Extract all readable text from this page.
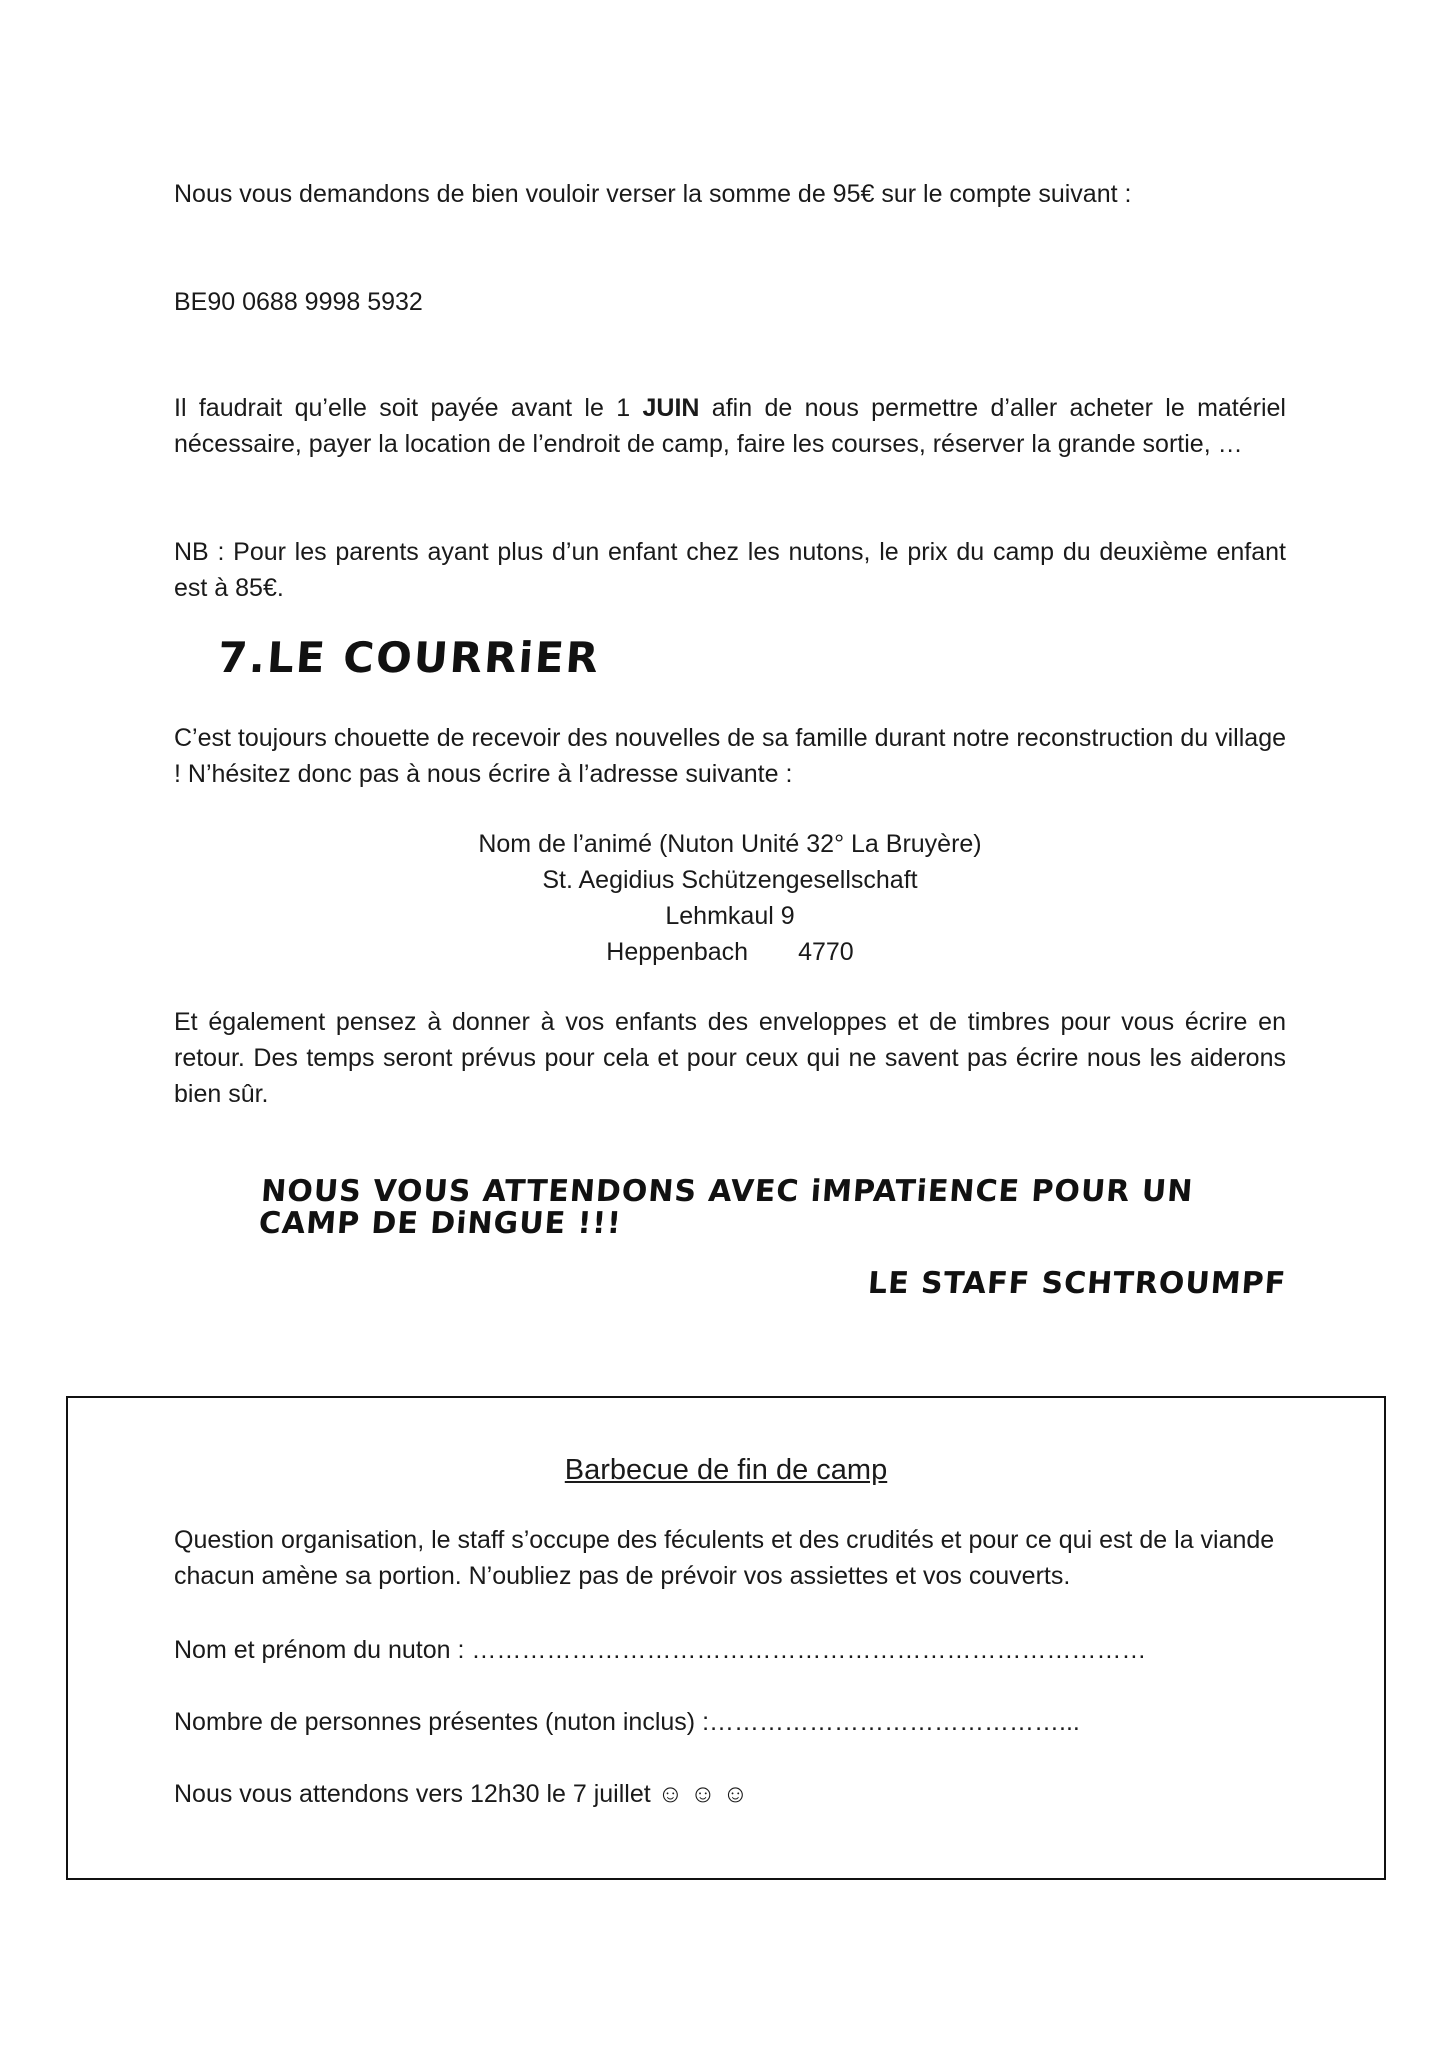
Nous vous demandons de bien vouloir verser la somme de 95€ sur le compte suivant :

BE90 0688 9998 5932

Il faudrait qu’elle soit payée avant le 1 JUIN afin de nous permettre d’aller acheter le matériel nécessaire, payer la location de l’endroit de camp, faire les courses, réserver la grande sortie, …

NB : Pour les parents ayant plus d’un enfant chez les nutons, le prix du camp du deuxième enfant est à 85€.

7.LE COURRiER

C’est toujours chouette de recevoir des nouvelles de sa famille durant notre reconstruction du village ! N’hésitez donc pas à nous écrire à l’adresse suivante :

Nom de l’animé (Nuton Unité 32° La Bruyère)
St. Aegidius Schützengesellschaft
Lehmkaul 9
Heppenbach 4770

Et également pensez à donner à vos enfants des enveloppes et de timbres pour vous écrire en retour. Des temps seront prévus pour cela et pour ceux qui ne savent pas écrire nous les aiderons bien sûr.

NOUS VOUS ATTENDONS AVEC iMPATiENCE POUR UN CAMP DE DiNGUE !!!

LE STAFF SCHTROUMPF

Barbecue de fin de camp

Question organisation, le staff s’occupe des féculents et des crudités et pour ce qui est de la viande chacun amène sa portion. N’oubliez pas de prévoir vos assiettes et vos couverts.

Nom et prénom du nuton : ………………………………………………………………………

Nombre de personnes présentes (nuton inclus) :……………………………………...

Nous vous attendons vers 12h30 le 7 juillet ☺ ☺ ☺
